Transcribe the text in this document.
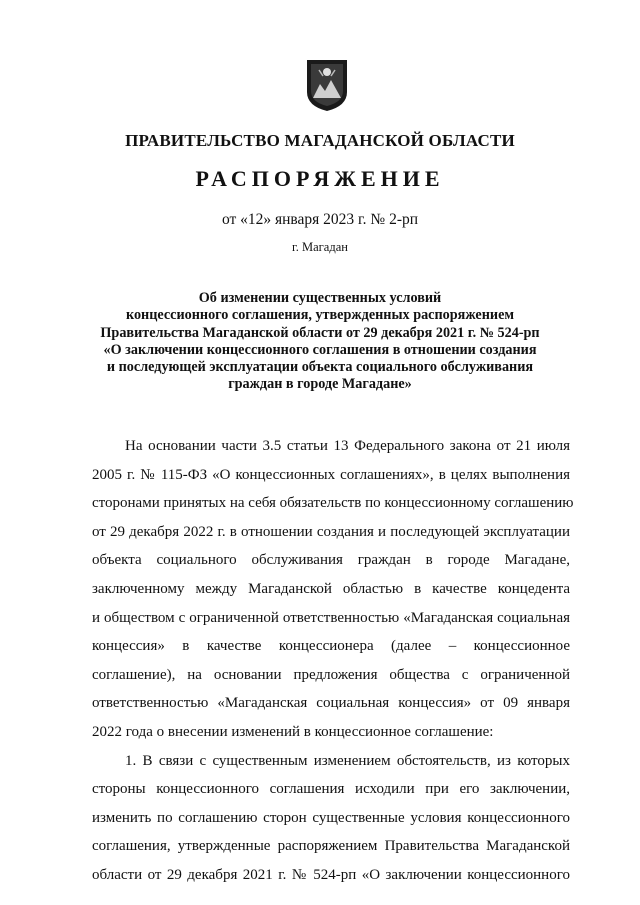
ПРАВИТЕЛЬСТВО МАГАДАНСКОЙ ОБЛАСТИ
РАСПОРЯЖЕНИЕ
от «12» января 2023 г. № 2-рп
г. Магадан
Об изменении существенных условий
концессионного соглашения, утвержденных распоряжением
Правительства Магаданской области от 29 декабря 2021 г. № 524-рп
«О заключении концессионного соглашения в отношении создания
и последующей эксплуатации объекта социального обслуживания
граждан в городе Магадане»
На основании части 3.5 статьи 13 Федерального закона от 21 июля
2005 г. № 115-ФЗ «О концессионных соглашениях», в целях выполнения
сторонами принятых на себя обязательств по концессионному соглашению
от 29 декабря 2022 г. в отношении создания и последующей эксплуатации
объекта социального обслуживания граждан в городе Магадане,
заключенному между Магаданской областью в качестве концедента
и обществом с ограниченной ответственностью «Магаданская социальная
концессия» в качестве концессионера (далее – концессионное
соглашение), на основании предложения общества с ограниченной
ответственностью «Магаданская социальная концессия» от 09 января
2022 года о внесении изменений в концессионное соглашение:
1. В связи с существенным изменением обстоятельств, из которых
стороны концессионного соглашения исходили при его заключении,
изменить по соглашению сторон существенные условия концессионного
соглашения, утвержденные распоряжением Правительства Магаданской
области от 29 декабря 2021 г. № 524-рп «О заключении концессионного
